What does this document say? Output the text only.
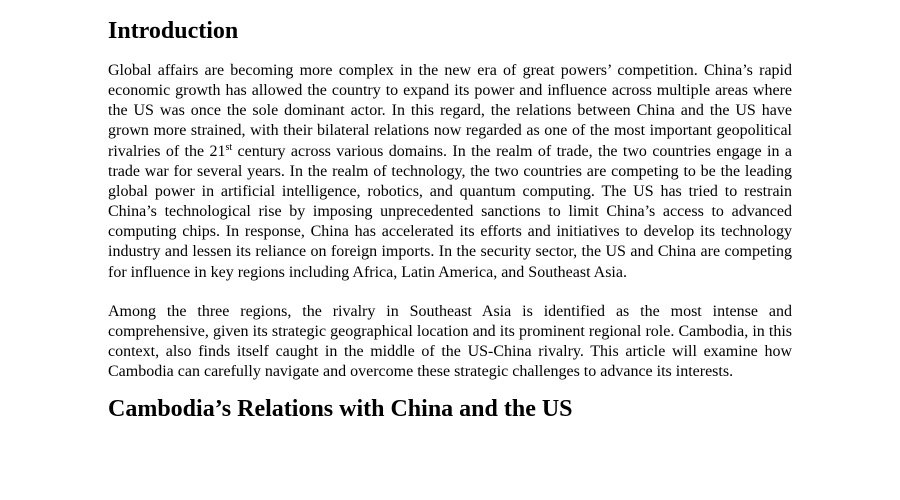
Introduction

Global affairs are becoming more complex in the new era of great powers’ competition. China’s rapid economic growth has allowed the country to expand its power and influence across multiple areas where the US was once the sole dominant actor. In this regard, the relations between China and the US have grown more strained, with their bilateral relations now regarded as one of the most important geopolitical rivalries of the 21st century across various domains. In the realm of trade, the two countries engage in a trade war for several years. In the realm of technology, the two countries are competing to be the leading global power in artificial intelligence, robotics, and quantum computing. The US has tried to restrain China’s technological rise by imposing unprecedented sanctions to limit China’s access to advanced computing chips. In response, China has accelerated its efforts and initiatives to develop its technology industry and lessen its reliance on foreign imports. In the security sector, the US and China are competing for influence in key regions including Africa, Latin America, and Southeast Asia.

Among the three regions, the rivalry in Southeast Asia is identified as the most intense and comprehensive, given its strategic geographical location and its prominent regional role. Cambodia, in this context, also finds itself caught in the middle of the US-China rivalry. This article will examine how Cambodia can carefully navigate and overcome these strategic challenges to advance its interests.

Cambodia’s Relations with China and the US
